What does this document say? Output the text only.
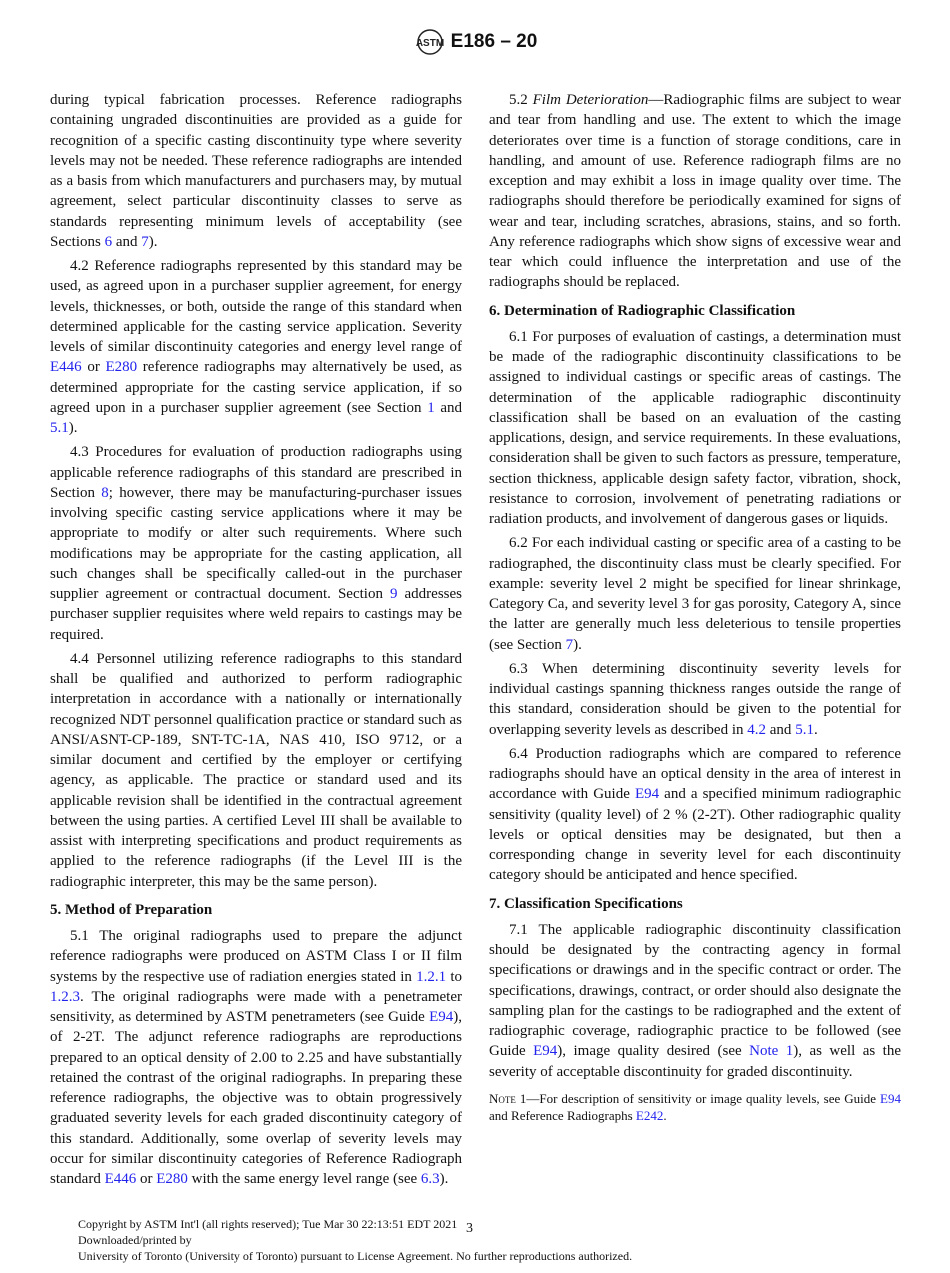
ASTM E186 – 20

during typical fabrication processes. Reference radiographs containing ungraded discontinuities are provided as a guide for recognition of a specific casting discontinuity type where severity levels may not be needed. These reference radiographs are intended as a basis from which manufacturers and purchasers may, by mutual agreement, select particular discontinuity classes to serve as standards representing minimum levels of acceptability (see Sections 6 and 7).

4.2 Reference radiographs represented by this standard may be used, as agreed upon in a purchaser supplier agreement, for energy levels, thicknesses, or both, outside the range of this standard when determined applicable for the casting service application. Severity levels of similar discontinuity categories and energy level range of E446 or E280 reference radiographs may alternatively be used, as determined appropriate for the casting service application, if so agreed upon in a purchaser supplier agreement (see Section 1 and 5.1).

4.3 Procedures for evaluation of production radiographs using applicable reference radiographs of this standard are prescribed in Section 8; however, there may be manufacturing-purchaser issues involving specific casting service applications where it may be appropriate to modify or alter such requirements. Where such modifications may be appropriate for the casting application, all such changes shall be specifically called-out in the purchaser supplier agreement or contractual document. Section 9 addresses purchaser supplier requisites where weld repairs to castings may be required.

4.4 Personnel utilizing reference radiographs to this standard shall be qualified and authorized to perform radiographic interpretation in accordance with a nationally or internationally recognized NDT personnel qualification practice or standard such as ANSI/ASNT-CP-189, SNT-TC-1A, NAS 410, ISO 9712, or a similar document and certified by the employer or certifying agency, as applicable. The practice or standard used and its applicable revision shall be identified in the contractual agreement between the using parties. A certified Level III shall be available to assist with interpreting specifications and product requirements as applied to the reference radiographs (if the Level III is the radiographic interpreter, this may be the same person).

5. Method of Preparation

5.1 The original radiographs used to prepare the adjunct reference radiographs were produced on ASTM Class I or II film systems by the respective use of radiation energies stated in 1.2.1 to 1.2.3. The original radiographs were made with a penetrameter sensitivity, as determined by ASTM penetrameters (see Guide E94), of 2-2T. The adjunct reference radiographs are reproductions prepared to an optical density of 2.00 to 2.25 and have substantially retained the contrast of the original radiographs. In preparing these reference radiographs, the objective was to obtain progressively graduated severity levels for each graded discontinuity category of this standard. Additionally, some overlap of severity levels may occur for similar discontinuity categories of Reference Radiograph standard E446 or E280 with the same energy level range (see 6.3).

5.2 Film Deterioration—Radiographic films are subject to wear and tear from handling and use. The extent to which the image deteriorates over time is a function of storage conditions, care in handling, and amount of use. Reference radiograph films are no exception and may exhibit a loss in image quality over time. The radiographs should therefore be periodically examined for signs of wear and tear, including scratches, abrasions, stains, and so forth. Any reference radiographs which show signs of excessive wear and tear which could influence the interpretation and use of the radiographs should be replaced.

6. Determination of Radiographic Classification

6.1 For purposes of evaluation of castings, a determination must be made of the radiographic discontinuity classifications to be assigned to individual castings or specific areas of castings. The determination of the applicable radiographic discontinuity classification shall be based on an evaluation of the casting applications, design, and service requirements. In these evaluations, consideration shall be given to such factors as pressure, temperature, section thickness, applicable design safety factor, vibration, shock, resistance to corrosion, involvement of penetrating radiations or radiation products, and involvement of dangerous gases or liquids.

6.2 For each individual casting or specific area of a casting to be radiographed, the discontinuity class must be clearly specified. For example: severity level 2 might be specified for linear shrinkage, Category Ca, and severity level 3 for gas porosity, Category A, since the latter are generally much less deleterious to tensile properties (see Section 7).

6.3 When determining discontinuity severity levels for individual castings spanning thickness ranges outside the range of this standard, consideration should be given to the potential for overlapping severity levels as described in 4.2 and 5.1.

6.4 Production radiographs which are compared to reference radiographs should have an optical density in the area of interest in accordance with Guide E94 and a specified minimum radiographic sensitivity (quality level) of 2 % (2-2T). Other radiographic quality levels or optical densities may be designated, but then a corresponding change in severity level for each discontinuity category should be anticipated and hence specified.

7. Classification Specifications

7.1 The applicable radiographic discontinuity classification should be designated by the contracting agency in formal specifications or drawings and in the specific contract or order. The specifications, drawings, contract, or order should also designate the sampling plan for the castings to be radiographed and the extent of radiographic coverage, radiographic practice to be followed (see Guide E94), image quality desired (see Note 1), as well as the severity of acceptable discontinuity for graded discontinuity.

Note 1—For description of sensitivity or image quality levels, see Guide E94 and Reference Radiographs E242.

Copyright by ASTM Int'l (all rights reserved); Tue Mar 30 22:13:51 EDT 2021
Downloaded/printed by
University of Toronto (University of Toronto) pursuant to License Agreement. No further reproductions authorized.
3
